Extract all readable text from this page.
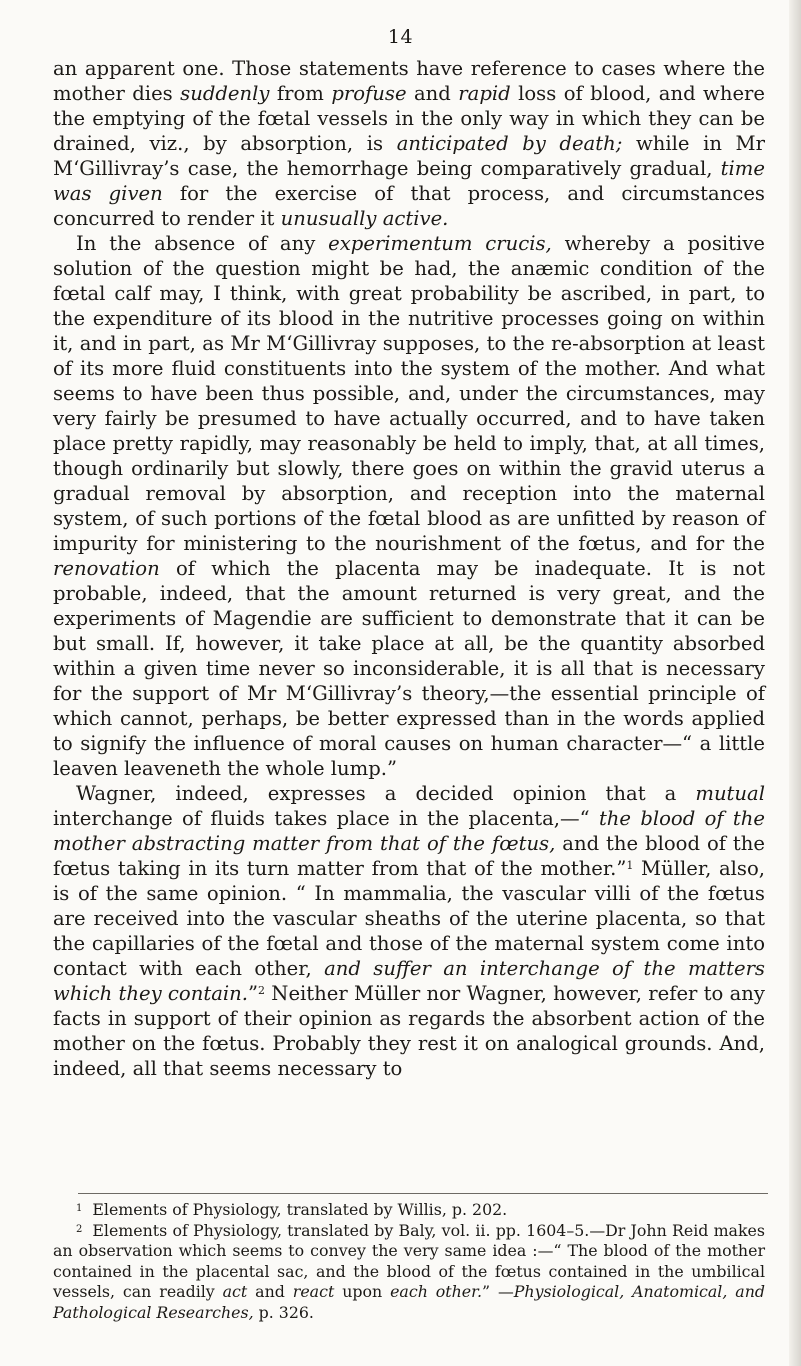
14

an apparent one. Those statements have reference to cases where the mother dies suddenly from profuse and rapid loss of blood, and where the emptying of the fœtal vessels in the only way in which they can be drained, viz., by absorption, is anticipated by death; while in Mr M‘Gillivray’s case, the hemorrhage being comparatively gradual, time was given for the exercise of that process, and circumstances concurred to render it unusually active.

In the absence of any experimentum crucis, whereby a positive solution of the question might be had, the anæmic condition of the fœtal calf may, I think, with great probability be ascribed, in part, to the expenditure of its blood in the nutritive processes going on within it, and in part, as Mr M‘Gillivray supposes, to the re-absorption at least of its more fluid constituents into the system of the mother. And what seems to have been thus possible, and, under the circumstances, may very fairly be presumed to have actually occurred, and to have taken place pretty rapidly, may reasonably be held to imply, that, at all times, though ordinarily but slowly, there goes on within the gravid uterus a gradual removal by absorption, and reception into the maternal system, of such portions of the fœtal blood as are unfitted by reason of impurity for ministering to the nourishment of the fœtus, and for the renovation of which the placenta may be inadequate. It is not probable, indeed, that the amount returned is very great, and the experiments of Magendie are sufficient to demonstrate that it can be but small. If, however, it take place at all, be the quantity absorbed within a given time never so inconsiderable, it is all that is necessary for the support of Mr M‘Gillivray’s theory,—the essential principle of which cannot, perhaps, be better expressed than in the words applied to signify the influence of moral causes on human character—“ a little leaven leaveneth the whole lump.”

Wagner, indeed, expresses a decided opinion that a mutual interchange of fluids takes place in the placenta,—“ the blood of the mother abstracting matter from that of the fœtus, and the blood of the fœtus taking in its turn matter from that of the mother.”$^1$ Müller, also, is of the same opinion. “ In mammalia, the vascular villi of the fœtus are received into the vascular sheaths of the uterine placenta, so that the capillaries of the fœtal and those of the maternal system come into contact with each other, and suffer an interchange of the matters which they contain.”$^2$ Neither Müller nor Wagner, however, refer to any facts in support of their opinion as regards the absorbent action of the mother on the fœtus. Probably they rest it on analogical grounds. And, indeed, all that seems necessary to

$^1$ Elements of Physiology, translated by Willis, p. 202.

$^2$ Elements of Physiology, translated by Baly, vol. ii. pp. 1604–5.—Dr John Reid makes an observation which seems to convey the very same idea :—“ The blood of the mother contained in the placental sac, and the blood of the fœtus contained in the umbilical vessels, can readily act and react upon each other.” —Physiological, Anatomical, and Pathological Researches, p. 326.
